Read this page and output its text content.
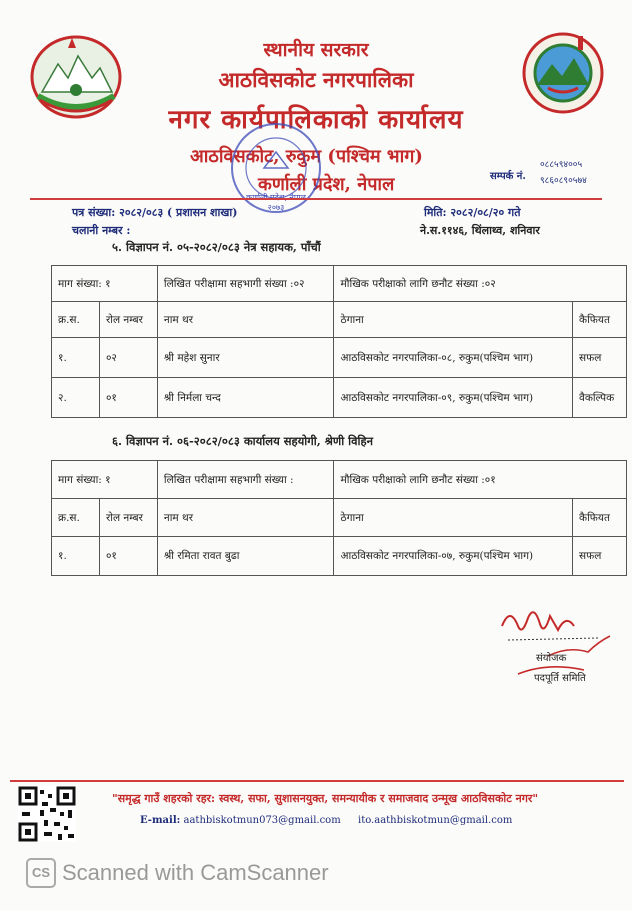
स्थानीय सरकार
आठविसकोट नगरपालिका
नगर कार्यपालिकाको कार्यालय
आठविसकोट, रुकुम (पश्चिम भाग)
कर्णाली प्रदेश, नेपाल	सम्पर्क नं.
०८८५९४००५
९८६०८९०५७४
२०७३
पत्र संख्या: २०८२/०८३ ( प्रशासन शाखा)
चलानी नम्बर :
मिति: २०८२/०८/२० गते
ने.स.११४६, थिंलाथ्व, शनिवार
५. विज्ञापन नं. ०५-२०८२/०८३ नेत्र सहायक, पाँचौं
माग संख्या: १		लिखित परीक्षामा सहभागी संख्या :०२	मौखिक परीक्षाको लागि छनौट संख्या :०२	
क्र.स.	रोल नम्बर	नाम थर	ठेगाना	कैफियत
१.	०२	श्री महेश सुनार	आठविसकोट नगरपालिका-०८, रुकुम(पश्चिम भाग)	सफल
२.	०१	श्री निर्मला चन्द	आठविसकोट नगरपालिका-०९, रुकुम(पश्चिम भाग)	वैकल्पिक
६. विज्ञापन नं. ०६-२०८२/०८३ कार्यालय सहयोगी, श्रेणी विहिन
माग संख्या: १		लिखित परीक्षामा सहभागी संख्या :	मौखिक परीक्षाको लागि छनौट संख्या :०१	
क्र.स.	रोल नम्बर	नाम थर	ठेगाना	कैफियत
१.	०१	श्री रमिता रावत बुढा	आठविसकोट नगरपालिका-०७, रुकुम(पश्चिम भाग)	सफल
संयोजक
पदपूर्ति समिति
"समृद्ध गाउँ शहरको रहर: स्वस्थ, सफा, सुशासनयुक्त, समन्यायीक र समाजवाद उन्मूख आठविसकोट नगर"
E-mail: aathbiskotmun073@gmail.com ito.aathbiskotmun@gmail.com
CS Scanned with CamScanner
